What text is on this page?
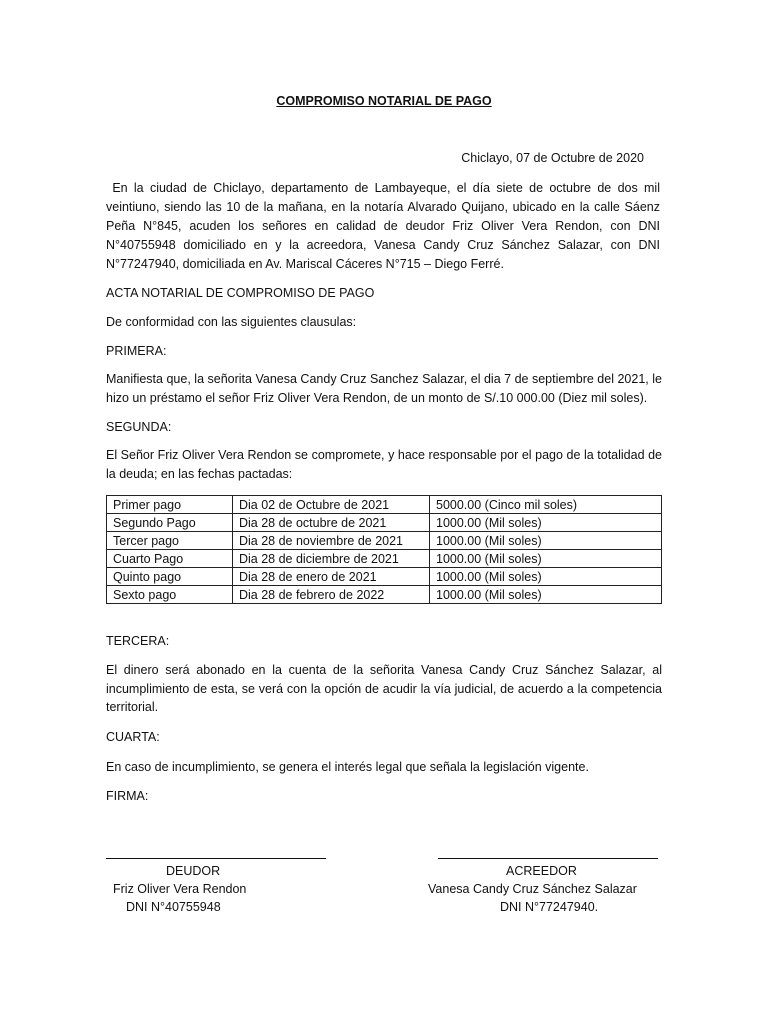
COMPROMISO NOTARIAL DE PAGO
Chiclayo, 07 de Octubre de 2020
En la ciudad de Chiclayo, departamento de Lambayeque, el día siete de octubre de dos mil veintiuno, siendo las 10 de la mañana, en la notaría Alvarado Quijano, ubicado en la calle Sáenz Peña N°845, acuden los señores en calidad de deudor Friz Oliver Vera Rendon, con DNI N°40755948 domiciliado en y la acreedora, Vanesa Candy Cruz Sánchez Salazar, con DNI N°77247940, domiciliada en Av. Mariscal Cáceres N°715 – Diego Ferré.
ACTA NOTARIAL DE COMPROMISO DE PAGO
De conformidad con las siguientes clausulas:
PRIMERA:
Manifiesta que, la señorita Vanesa Candy Cruz Sanchez Salazar, el dia 7 de septiembre del 2021, le hizo un préstamo el señor Friz Oliver Vera Rendon, de un monto de S/.10 000.00 (Diez mil soles).
SEGUNDA:
El Señor Friz Oliver Vera Rendon se compromete, y hace responsable por el pago de la totalidad de la deuda; en las fechas pactadas:
Primer pago	Dia 02 de Octubre de 2021	5000.00 (Cinco mil soles)
Segundo Pago	Dia 28 de octubre de 2021	1000.00 (Mil soles)
Tercer pago	Dia 28 de noviembre de 2021	1000.00 (Mil soles)
Cuarto Pago	Dia 28 de diciembre de 2021	1000.00 (Mil soles)
Quinto pago	Dia 28 de enero de 2021	1000.00 (Mil soles)
Sexto pago	Dia 28 de febrero de 2022	1000.00 (Mil soles)
TERCERA:
El dinero será abonado en la cuenta de la señorita Vanesa Candy Cruz Sánchez Salazar, al incumplimiento de esta, se verá con la opción de acudir la vía judicial, de acuerdo a la competencia territorial.
CUARTA:
En caso de incumplimiento, se genera el interés legal que señala la legislación vigente.
FIRMA:
DEUDOR
Friz Oliver Vera Rendon
DNI N°40755948
ACREEDOR
Vanesa Candy Cruz Sánchez Salazar
DNI N°77247940.
